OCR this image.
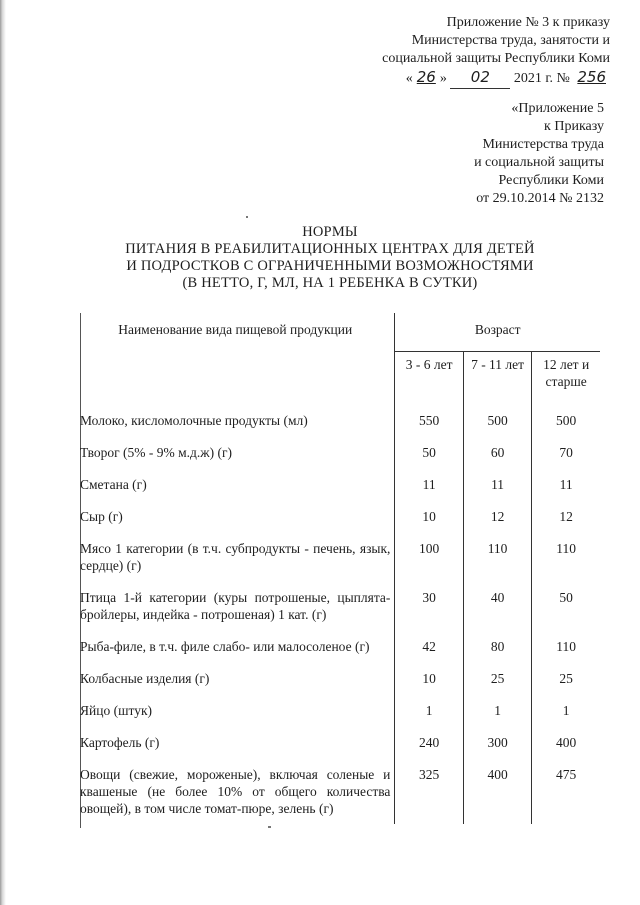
Приложение № 3 к приказу
Министерства труда, занятости и
социальной защиты Республики Коми
« 26 » 02 2021 г. № 256
«Приложение 5
к Приказу
Министерства труда
и социальной защиты
Республики Коми
от 29.10.2014 № 2132
НОРМЫ
ПИТАНИЯ В РЕАБИЛИТАЦИОННЫХ ЦЕНТРАХ ДЛЯ ДЕТЕЙ
И ПОДРОСТКОВ С ОГРАНИЧЕННЫМИ ВОЗМОЖНОСТЯМИ
(В НЕТТО, Г, МЛ, НА 1 РЕБЕНКА В СУТКИ)
Наименование вида пищевой продукции	Возраст		
	3 - 6 лет	7 - 11 лет	12 лет и старше
Молоко, кисломолочные продукты (мл)	550	500	500
Творог (5% - 9% м.д.ж) (г)	50	60	70
Сметана (г)	11	11	11
Сыр (г)	10	12	12
Мясо 1 категории (в т.ч. субпродукты - печень, язык, сердце) (г)	100	110	110
Птица 1-й категории (куры потрошеные, цыплята-бройлеры, индейка - потрошеная) 1 кат. (г)	30	40	50
Рыба-филе, в т.ч. филе слабо- или малосоленое (г)	42	80	110
Колбасные изделия (г)	10	25	25
Яйцо (штук)	1	1	1
Картофель (г)	240	300	400
Овощи (свежие, мороженые), включая соленые и квашеные (не более 10% от общего количества овощей), в том числе томат-пюре, зелень (г)	325	400	475
